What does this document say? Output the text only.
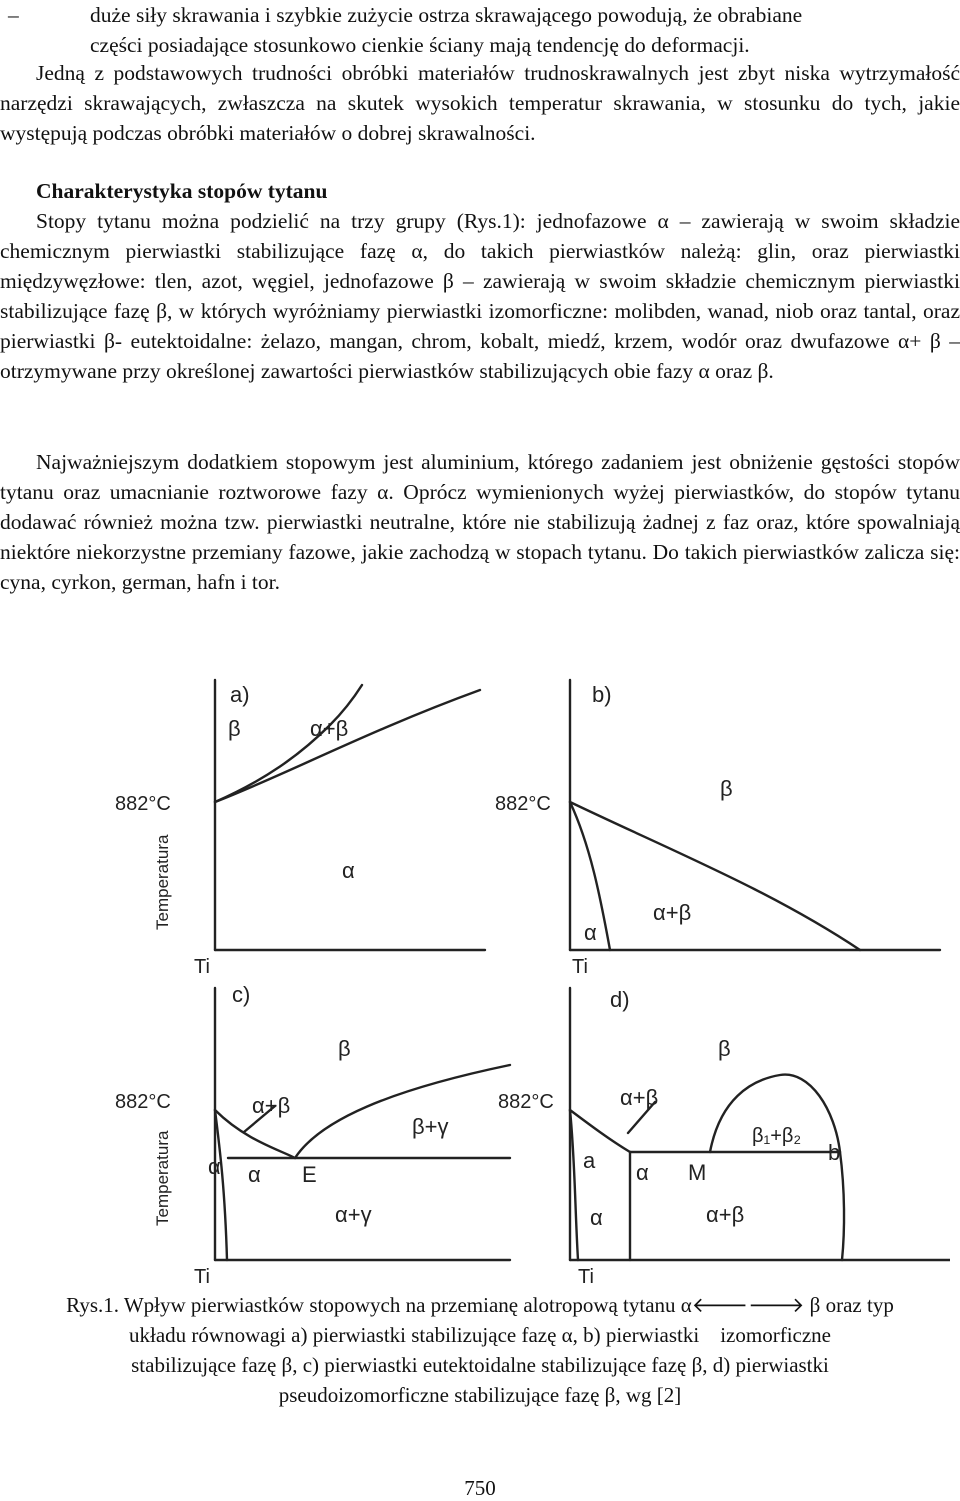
–	duże siły skrawania i szybkie zużycie ostrza skrawającego powodują, że obrabiane
części posiadające stosunkowo cienkie ściany mają tendencję do deformacji.

Jedną z podstawowych trudności obróbki materiałów trudnoskrawalnych jest zbyt niska wytrzymałość narzędzi skrawających, zwłaszcza na skutek wysokich temperatur skrawania, w stosunku do tych, jakie występują podczas obróbki materiałów o dobrej skrawalności.

Charakterystyka stopów tytanu

Stopy tytanu można podzielić na trzy grupy (Rys.1): jednofazowe α – zawierają w swoim składzie chemicznym pierwiastki stabilizujące fazę α, do takich pierwiastków należą: glin, oraz pierwiastki międzywęzłowe: tlen, azot, węgiel, jednofazowe β – zawierają w swoim składzie chemicznym pierwiastki stabilizujące fazę β, w których wyróżniamy pierwiastki izomorficzne: molibden, wanad, niob oraz tantal, oraz pierwiastki β- eutektoidalne: żelazo, mangan, chrom, kobalt, miedź, krzem, wodór oraz dwufazowe α+ β – otrzymywane przy określonej zawartości pierwiastków stabilizujących obie fazy α oraz β.

Najważniejszym dodatkiem stopowym jest aluminium, którego zadaniem jest obniżenie gęstości stopów tytanu oraz umacnianie roztworowe fazy α. Oprócz wymienionych wyżej pierwiastków, do stopów tytanu dodawać również można tzw. pierwiastki neutralne, które nie stabilizują żadnej z faz oraz, które spowalniają niektóre niekorzystne przemiany fazowe, jakie zachodzą w stopach tytanu. Do takich pierwiastków zalicza się: cyna, cyrkon, german, hafn i tor.

Temperatura
Temperatura
a)
β	α+β
882°C
α
Ti
b)
β
882°C
α+β
α
Ti
c)
β
882°C	α+β
β+γ
α α E
α+γ
Ti
d)
β
882°C	α+β
β₁+β₂
a α M
b
α	α+β
Ti
Rys.1. Wpływ pierwiastków stopowych na przemianę alotropową tytanu α🡐🡒 β oraz typ
układu równowagi a) pierwiastki stabilizujące fazę α, b) pierwiastki    izomorficzne
stabilizujące fazę β, c) pierwiastki eutektoidalne stabilizujące fazę β, d) pierwiastki
pseudoizomorficzne stabilizujące fazę β, wg [2]
750
